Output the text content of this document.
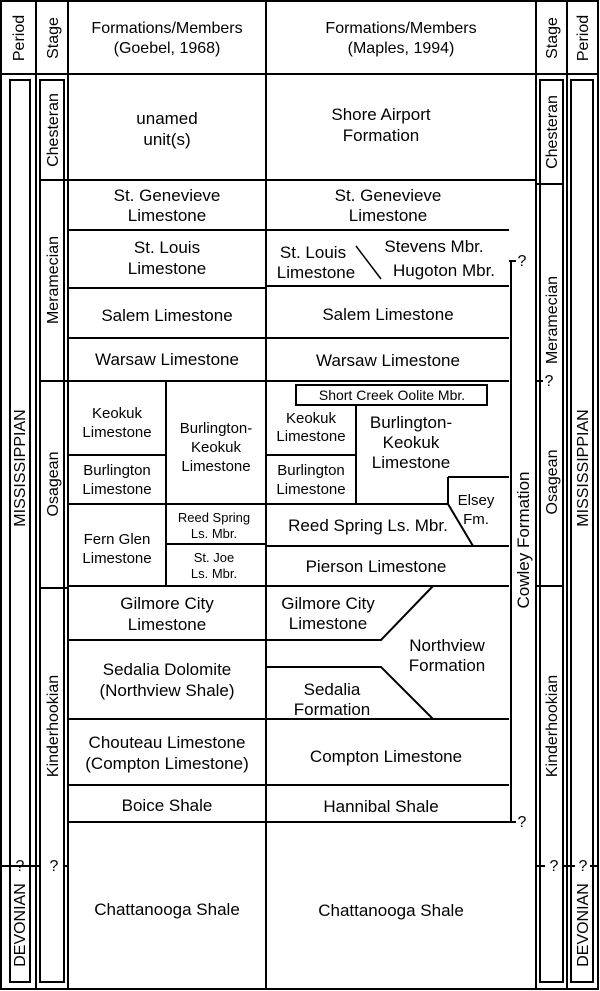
Period Stage Formations/Members
(Goebel, 1968)
Formations/Members
(Maples, 1994)	Stage Period
MISSISSIPPIAN
DEVONIAN
MISSISSIPPIAN
DEVONIAN
Chesteran
Meramecian
Osagean
Kinderhookian
Chesteran
Meramecian
Osagean
Kinderhookian
? ?	? ?
?
?
?
unamed
unit(s)
St. Genevieve
Limestone
St. Louis
Limestone
Salem Limestone
Warsaw Limestone
Gilmore City
Limestone
Sedalia Dolomite
(Northview Shale)
Chouteau Limestone
(Compton Limestone)
Boice Shale
Chattanooga Shale
Keokuk
Limestone Burlington-
Keokuk
Limestone
Burlington
Limestone
Fern Glen
Limestone
Reed Spring
Ls. Mbr.
St. Joe
Ls. Mbr.
Shore Airport
Formation
St. Genevieve
Limestone
St. Louis
Limestone
Stevens Mbr.
Hugoton Mbr.
Salem Limestone
Warsaw Limestone
Burlington-
Keokuk
Limestone
Reed Spring Ls. Mbr.
Pierson Limestone
Gilmore City
Limestone
Northview
Formation
Sedalia
Formation
Compton Limestone
Hannibal Shale
Chattanooga Shale
Keokuk
Limestone
Burlington
Limestone
Elsey
Fm.
Short Creek Oolite Mbr.
Cowley Formation
